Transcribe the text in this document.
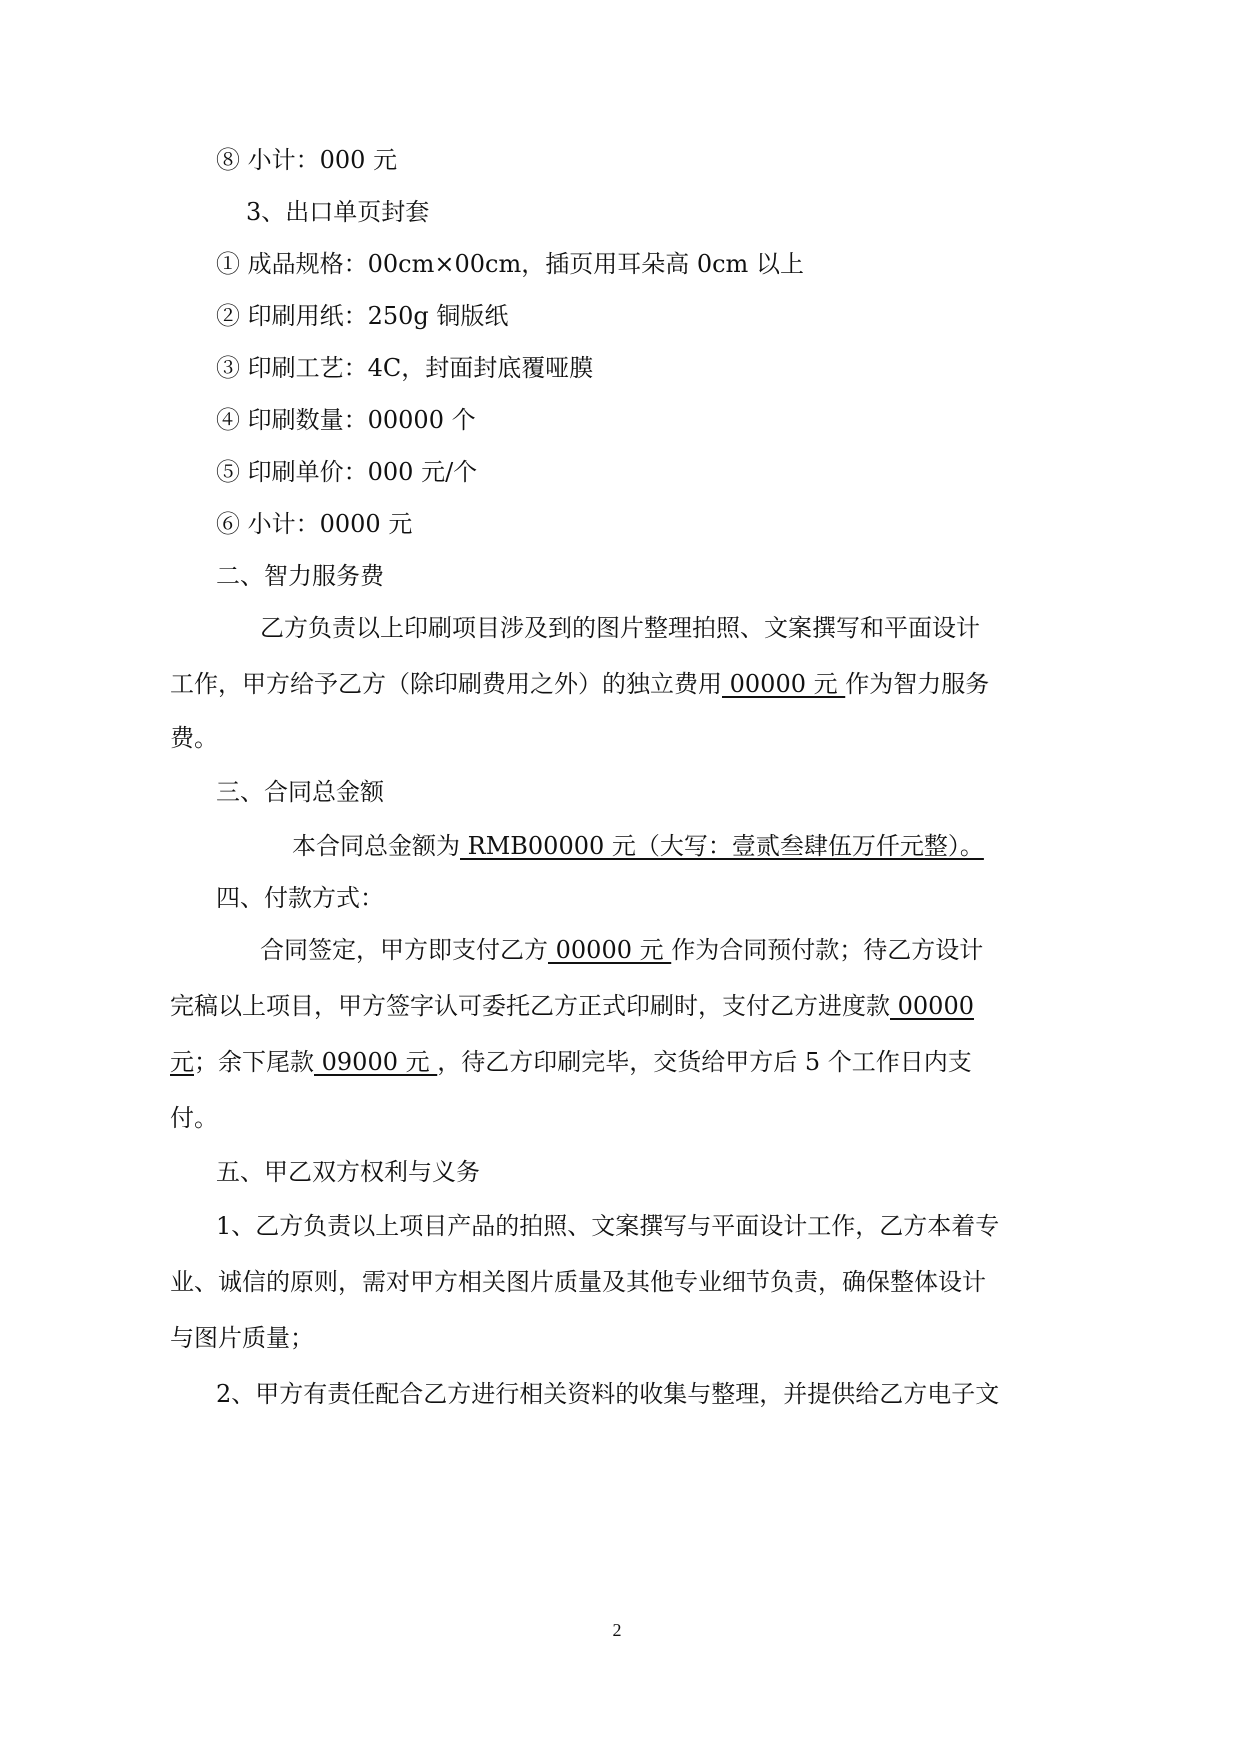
⑧ 小计：000 元
3、出口单页封套
① 成品规格：00cm×00cm，插页用耳朵高 0cm 以上
② 印刷用纸：250g 铜版纸
③ 印刷工艺：4C，封面封底覆哑膜
④ 印刷数量：00000 个
⑤ 印刷单价：000 元/个
⑥ 小计：0000 元
二、智力服务费
乙方负责以上印刷项目涉及到的图片整理拍照、文案撰写和平面设计
工作，甲方给予乙方（除印刷费用之外）的独立费用 00000 元 作为智力服务
费。
三、合同总金额
本合同总金额为 RMB00000 元（大写：壹贰叁肆伍万仟元整）。
四、付款方式：
合同签定，甲方即支付乙方 00000 元 作为合同预付款；待乙方设计
完稿以上项目，甲方签字认可委托乙方正式印刷时，支付乙方进度款 00000
元；余下尾款 09000 元 ，待乙方印刷完毕，交货给甲方后 5 个工作日内支
付。
五、甲乙双方权利与义务
1、乙方负责以上项目产品的拍照、文案撰写与平面设计工作，乙方本着专
业、诚信的原则，需对甲方相关图片质量及其他专业细节负责，确保整体设计
与图片质量；
2、甲方有责任配合乙方进行相关资料的收集与整理，并提供给乙方电子文
2
